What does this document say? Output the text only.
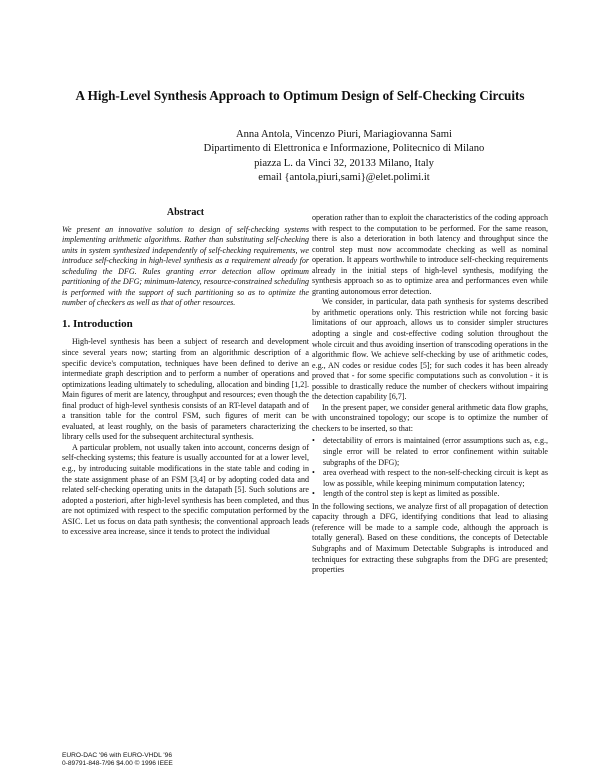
A High-Level Synthesis Approach to Optimum Design of Self-Checking Circuits
Anna Antola, Vincenzo Piuri, Mariagiovanna Sami
Dipartimento di Elettronica e Informazione, Politecnico di Milano
piazza L. da Vinci 32, 20133 Milano, Italy
email {antola,piuri,sami}@elet.polimi.it
Abstract
We present an innovative solution to design of self-checking systems implementing arithmetic algorithms. Rather than substituting self-checking units in system synthesized independently of self-checking requirements, we introduce self-checking in high-level synthesis as a requirement already for scheduling the DFG. Rules granting error detection allow optimum partitioning of the DFG; minimum-latency, resource-constrained scheduling is performed with the support of such partitioning so as to optimize the number of checkers as well as that of other resources.
1. Introduction

High-level synthesis has been a subject of research and development since several years now; starting from an algorithmic description of a specific device's computation, techniques have been defined to derive an intermediate graph description and to perform a number of operations and optimizations leading ultimately to scheduling, allocation and binding [1,2]. Main figures of merit are latency, throughput and resources; even though the final product of high-level synthesis consists of an RT-level datapath and of a transition table for the control FSM, such figures of merit can be evaluated, at least roughly, on the basis of parameters characterizing the library cells used for the subsequent architectural synthesis.

A particular problem, not usually taken into account, concerns design of self-checking systems; this feature is usually accounted for at a lower level, e.g., by introducing suitable modifications in the state table and coding in the state assignment phase of an FSM [3,4] or by adopting coded data and related self-checking operating units in the datapath [5]. Such solutions are adopted a posteriori, after high-level synthesis has been completed, and thus are not optimized with respect to the specific computation performed by the ASIC. Let us focus on data path synthesis; the conventional approach leads to excessive area increase, since it tends to protect the individual

operation rather than to exploit the characteristics of the coding approach with respect to the computation to be performed. For the same reason, there is also a deterioration in both latency and throughput since the control step must now accommodate checking as well as nominal operation. It appears worthwhile to introduce self-checking requirements already in the initial steps of high-level synthesis, modifying the synthesis approach so as to optimize area and performances even while granting autonomous error detection.

We consider, in particular, data path synthesis for systems described by arithmetic operations only. This restriction while not forcing basic limitations of our approach, allows us to consider simpler structures adopting a single and cost-effective coding solution throughout the whole circuit and thus avoiding insertion of transcoding operations in the algorithmic flow. We achieve self-checking by use of arithmetic codes, e.g., AN codes or residue codes [5]; for such codes it has been already proved that - for some specific computations such as convolution - it is possible to drastically reduce the number of checkers without impairing the detection capability [6,7].

In the present paper, we consider general arithmetic data flow graphs, with unconstrained topology; our scope is to optimize the number of checkers to be inserted, so that:

• detectability of errors is maintained (error assumptions such as, e.g., single error will be related to error confinement within suitable subgraphs of the DFG);
• area overhead with respect to the non-self-checking circuit is kept as low as possible, while keeping minimum computation latency;
• length of the control step is kept as limited as possible.

In the following sections, we analyze first of all propagation of detection capacity through a DFG, identifying conditions that lead to aliasing (reference will be made to a sample code, although the approach is totally general). Based on these conditions, the concepts of Detectable Subgraphs and of Maximum Detectable Subgraphs is introduced and techniques for extracting these subgraphs from the DFG are presented; properties

EURO-DAC '96 with EURO-VHDL '96
0-89791-848-7/96 $4.00 © 1996 IEEE
